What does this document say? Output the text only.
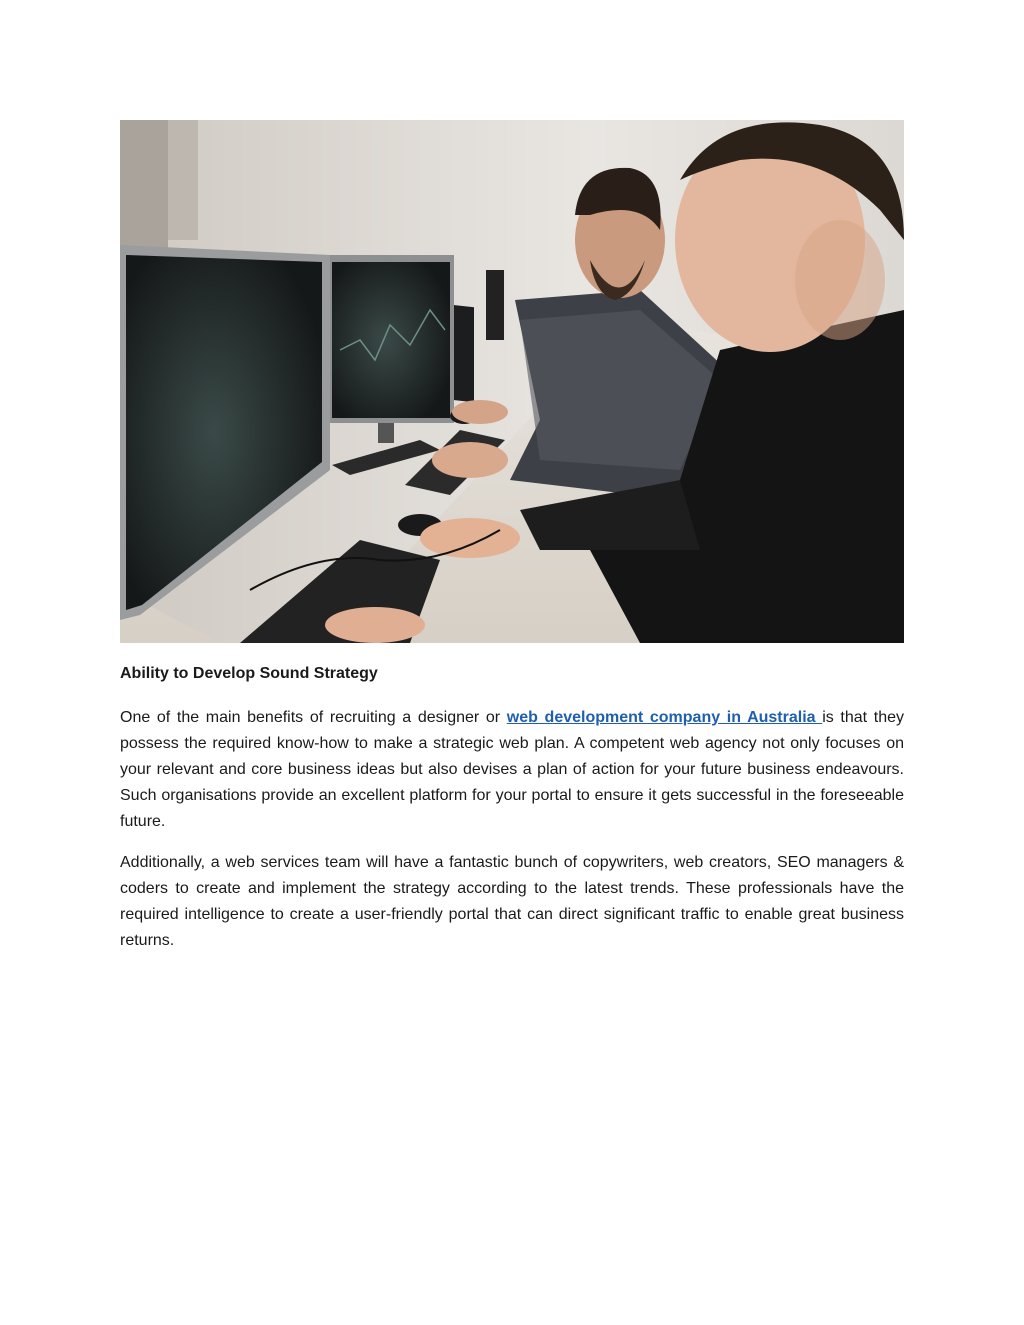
Ability to Develop Sound Strategy

One of the main benefits of recruiting a designer or web development company in Australia is that they possess the required know-how to make a strategic web plan. A competent web agency not only focuses on your relevant and core business ideas but also devises a plan of action for your future business endeavours. Such organisations provide an excellent platform for your portal to ensure it gets successful in the foreseeable future.

Additionally, a web services team will have a fantastic bunch of copywriters, web creators, SEO managers & coders to create and implement the strategy according to the latest trends. These professionals have the required intelligence to create a user-friendly portal that can direct significant traffic to enable great business returns.
